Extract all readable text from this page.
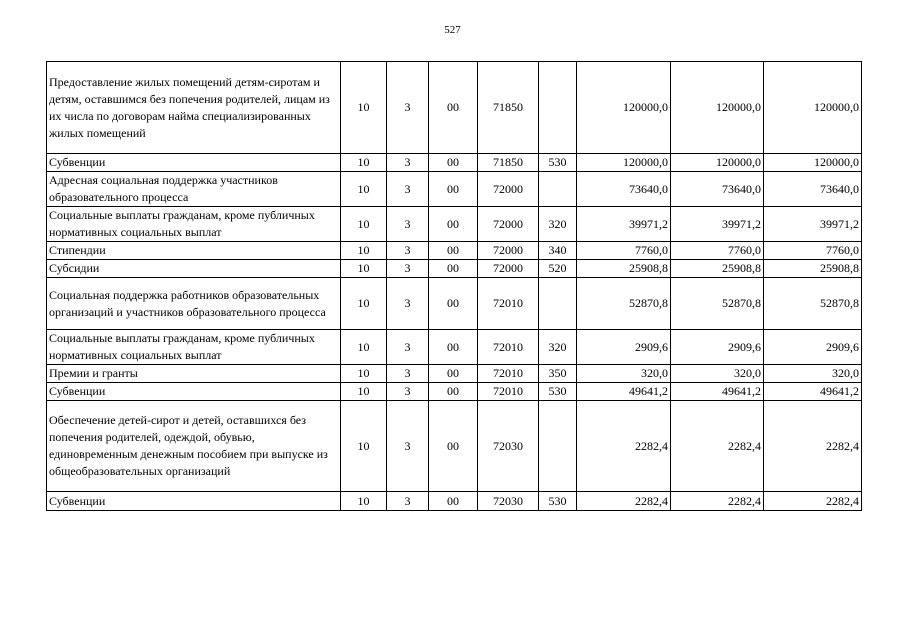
527
Предоставление жилых помещений детям-сиротам и детям, оставшимся без попечения родителей, лицам из их числа по договорам найма специализированных жилых помещений	10	3	00	71850		120000,0	120000,0	120000,0
Субвенции	10	3	00	71850	530	120000,0	120000,0	120000,0
Адресная социальная поддержка участников образовательного процесса	10	3	00	72000		73640,0	73640,0	73640,0
Социальные выплаты гражданам, кроме публичных нормативных социальных выплат	10	3	00	72000	320	39971,2	39971,2	39971,2
Стипендии	10	3	00	72000	340	7760,0	7760,0	7760,0
Субсидии	10	3	00	72000	520	25908,8	25908,8	25908,8
Социальная поддержка работников образовательных организаций и участников образовательного процесса	10	3	00	72010		52870,8	52870,8	52870,8
Социальные выплаты гражданам, кроме публичных нормативных социальных выплат	10	3	00	72010	320	2909,6	2909,6	2909,6
Премии и гранты	10	3	00	72010	350	320,0	320,0	320,0
Субвенции	10	3	00	72010	530	49641,2	49641,2	49641,2
Обеспечение детей-сирот и детей, оставшихся без попечения родителей, одеждой, обувью, единовременным денежным пособием при выпуске из общеобразовательных организаций	10	3	00	72030		2282,4	2282,4	2282,4
Субвенции	10	3	00	72030	530	2282,4	2282,4	2282,4
